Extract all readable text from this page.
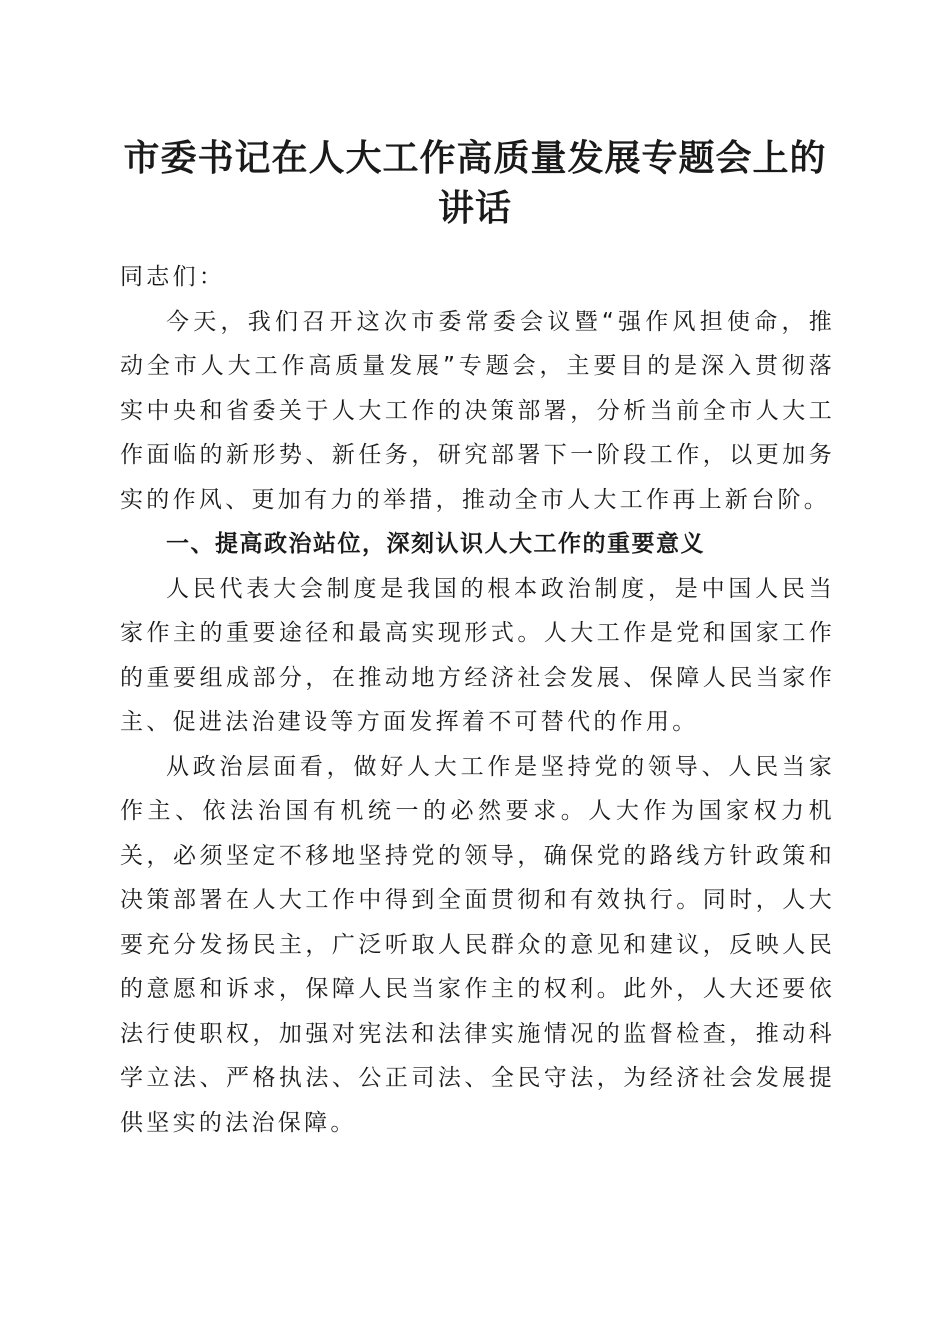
市委书记在人大工作高质量发展专题会上的讲话

同志们：

今天，我们召开这次市委常委会议暨“强作风担使命，推动全市人大工作高质量发展”专题会，主要目的是深入贯彻落实中央和省委关于人大工作的决策部署，分析当前全市人大工作面临的新形势、新任务，研究部署下一阶段工作，以更加务实的作风、更加有力的举措，推动全市人大工作再上新台阶。

一、提高政治站位，深刻认识人大工作的重要意义

人民代表大会制度是我国的根本政治制度，是中国人民当家作主的重要途径和最高实现形式。人大工作是党和国家工作的重要组成部分，在推动地方经济社会发展、保障人民当家作主、促进法治建设等方面发挥着不可替代的作用。

从政治层面看，做好人大工作是坚持党的领导、人民当家作主、依法治国有机统一的必然要求。人大作为国家权力机关，必须坚定不移地坚持党的领导，确保党的路线方针政策和决策部署在人大工作中得到全面贯彻和有效执行。同时，人大要充分发扬民主，广泛听取人民群众的意见和建议，反映人民的意愿和诉求，保障人民当家作主的权利。此外，人大还要依法行使职权，加强对宪法和法律实施情况的监督检查，推动科学立法、严格执法、公正司法、全民守法，为经济社会发展提供坚实的法治保障。
